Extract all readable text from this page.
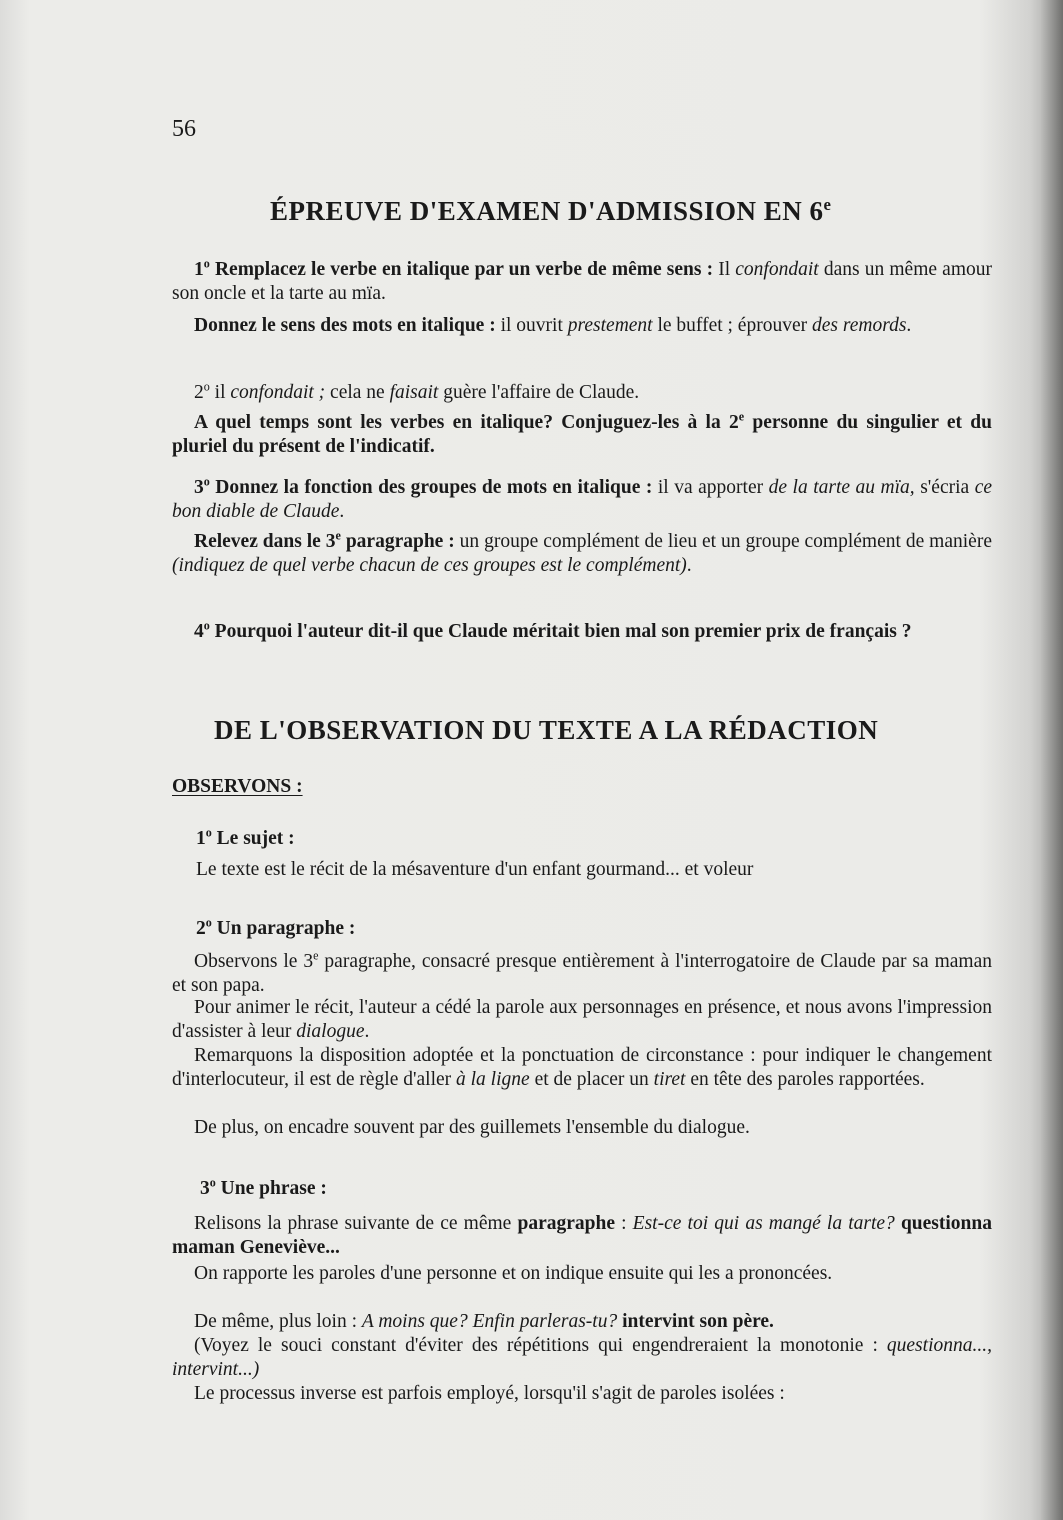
56
ÉPREUVE D'EXAMEN D'ADMISSION EN 6e

1$^o$ Remplacez le verbe en italique par un verbe de même sens : Il confondait dans un même amour son oncle et la tarte au mïa.

Donnez le sens des mots en italique : il ouvrit prestement le buffet ; éprouver des remords.

2$^o$ il confondait ; cela ne faisait guère l'affaire de Claude.

A quel temps sont les verbes en italique? Conjuguez-les à la 2e personne du singulier et du pluriel du présent de l'indicatif.

3$^o$ Donnez la fonction des groupes de mots en italique : il va apporter de la tarte au mïa, s'écria ce bon diable de Claude.

Relevez dans le 3e paragraphe : un groupe complément de lieu et un groupe complément de manière (indiquez de quel verbe chacun de ces groupes est le complément).

4$^o$ Pourquoi l'auteur dit-il que Claude méritait bien mal son premier prix de français ?

DE L'OBSERVATION DU TEXTE A LA RÉDACTION
OBSERVONS :
1$^o$ Le sujet :

Le texte est le récit de la mésaventure d'un enfant gourmand... et voleur

2$^o$ Un paragraphe :

Observons le 3e paragraphe, consacré presque entièrement à l'interrogatoire de Claude par sa maman et son papa.

Pour animer le récit, l'auteur a cédé la parole aux personnages en présence, et nous avons l'impression d'assister à leur dialogue.

Remarquons la disposition adoptée et la ponctuation de circonstance : pour indiquer le changement d'interlocuteur, il est de règle d'aller à la ligne et de placer un tiret en tête des paroles rapportées.

De plus, on encadre souvent par des guillemets l'ensemble du dialogue.

3$^o$ Une phrase :

Relisons la phrase suivante de ce même paragraphe : Est-ce toi qui as mangé la tarte? questionna maman Geneviève...

On rapporte les paroles d'une personne et on indique ensuite qui les a prononcées.

De même, plus loin : A moins que? Enfin parleras-tu? intervint son père.

(Voyez le souci constant d'éviter des répétitions qui engendreraient la monotonie : questionna..., intervint...)

Le processus inverse est parfois employé, lorsqu'il s'agit de paroles isolées :
